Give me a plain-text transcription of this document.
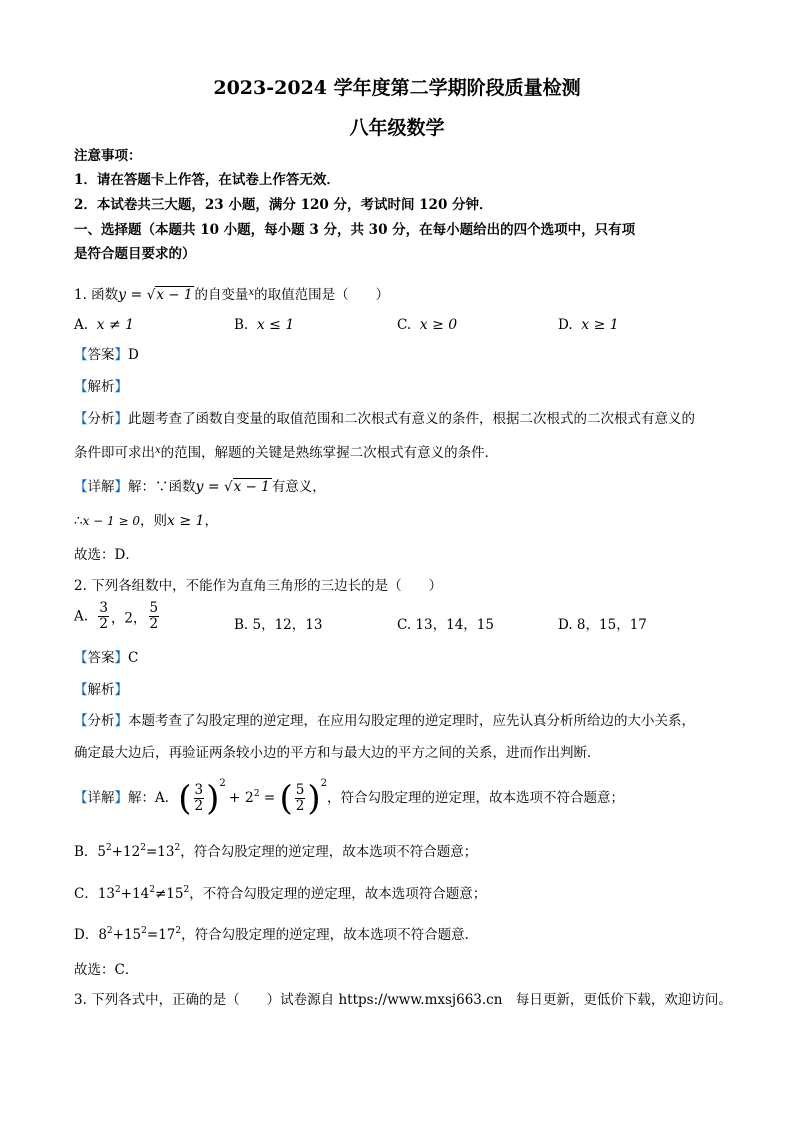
2023-2024 学年度第二学期阶段质量检测
八年级数学
注意事项：
1．请在答题卡上作答，在试卷上作答无效．
2．本试卷共三大题，23 小题，满分 120 分，考试时间 120 分钟．
一、选择题（本题共 10 小题，每小题 3 分，共 30 分，在每小题给出的四个选项中，只有项
是符合题目要求的）
1. 函数y = √x − 1 的自变量$^x$的取值范围是（　　）
A. x ≠ 1	B. x ≤ 1	C. x ≥ 0	D. x ≥ 1
【答案】D
【解析】
【分析】此题考查了函数自变量的取值范围和二次根式有意义的条件，根据二次根式的二次根式有意义的
条件即可求出$^x$的范围，解题的关键是熟练掌握二次根式有意义的条件．
【详解】解：∵函数y = √x − 1 有意义，
∴x − 1 ≥ 0，则x ≥ 1，
故选：D．
2. 下列各组数中，不能作为直角三角形的三边长的是（　　）
A. $\frac{3}{2}$ ，2， $\frac{5}{2}$	B. 5，12，13	C. 13，14，15	D. 8，15，17
【答案】C
【解析】
【分析】本题考查了勾股定理的逆定理，在应用勾股定理的逆定理时，应先认真分析所给边的大小关系，
确定最大边后，再验证两条较小边的平方和与最大边的平方之间的关系，进而作出判断．
【详解】解：A．( $\frac{3}{2} )^2+ 2^2$ = ( $\frac{5}{2} )^2$，符合勾股定理的逆定理，故本选项不符合题意；
B．$5^2+12^2=13^2$，符合勾股定理的逆定理，故本选项不符合题意；
C．$13^2+14^2\ne 15^2$，不符合勾股定理的逆定理，故本选项符合题意；
D．$8^2+15^2=17^2$，符合勾股定理的逆定理，故本选项不符合题意．
故选：C．
3. 下列各式中，正确的是（　　）试卷源自 https://www.mxsj663.cn　每日更新，更低价下载，欢迎访问。
